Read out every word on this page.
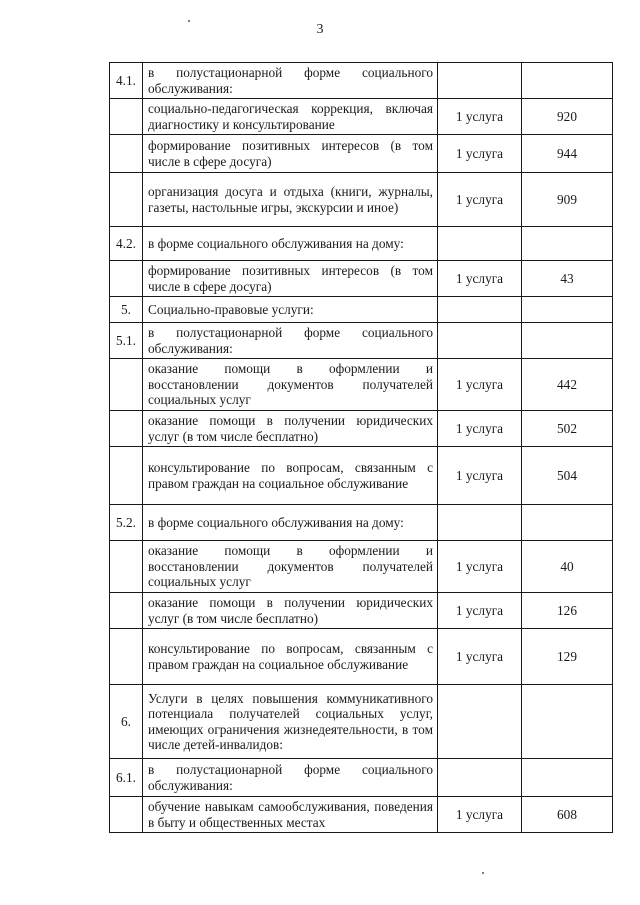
3
4.1.	в полустационарной форме социального обслуживания:		
	социально-педагогическая коррекция, включая диагностику и консультирование	1 услуга	920
	формирование позитивных интересов (в том числе в сфере досуга)	1 услуга	944
	организация досуга и отдыха (книги, журналы, газеты, настольные игры, экскурсии и иное)	1 услуга	909
4.2.	в форме социального обслуживания на дому:		
	формирование позитивных интересов (в том числе в сфере досуга)	1 услуга	43
5.	Социально-правовые услуги:		
5.1.	в полустационарной форме социального обслуживания:		
	оказание помощи в оформлении и восстановлении документов получателей социальных услуг	1 услуга	442
	оказание помощи в получении юридических услуг (в том числе бесплатно)	1 услуга	502
	консультирование по вопросам, связанным с правом граждан на социальное обслуживание	1 услуга	504
5.2.	в форме социального обслуживания на дому:		
	оказание помощи в оформлении и восстановлении документов получателей социальных услуг	1 услуга	40
	оказание помощи в получении юридических услуг (в том числе бесплатно)	1 услуга	126
	консультирование по вопросам, связанным с правом граждан на социальное обслуживание	1 услуга	129
6.	Услуги в целях повышения коммуникативного потенциала получателей социальных услуг, имеющих ограничения жизнедеятельности, в том числе детей-инвалидов:		
6.1.	в полустационарной форме социального обслуживания:		
	обучение навыкам самообслуживания, поведения в быту и общественных местах	1 услуга	608
